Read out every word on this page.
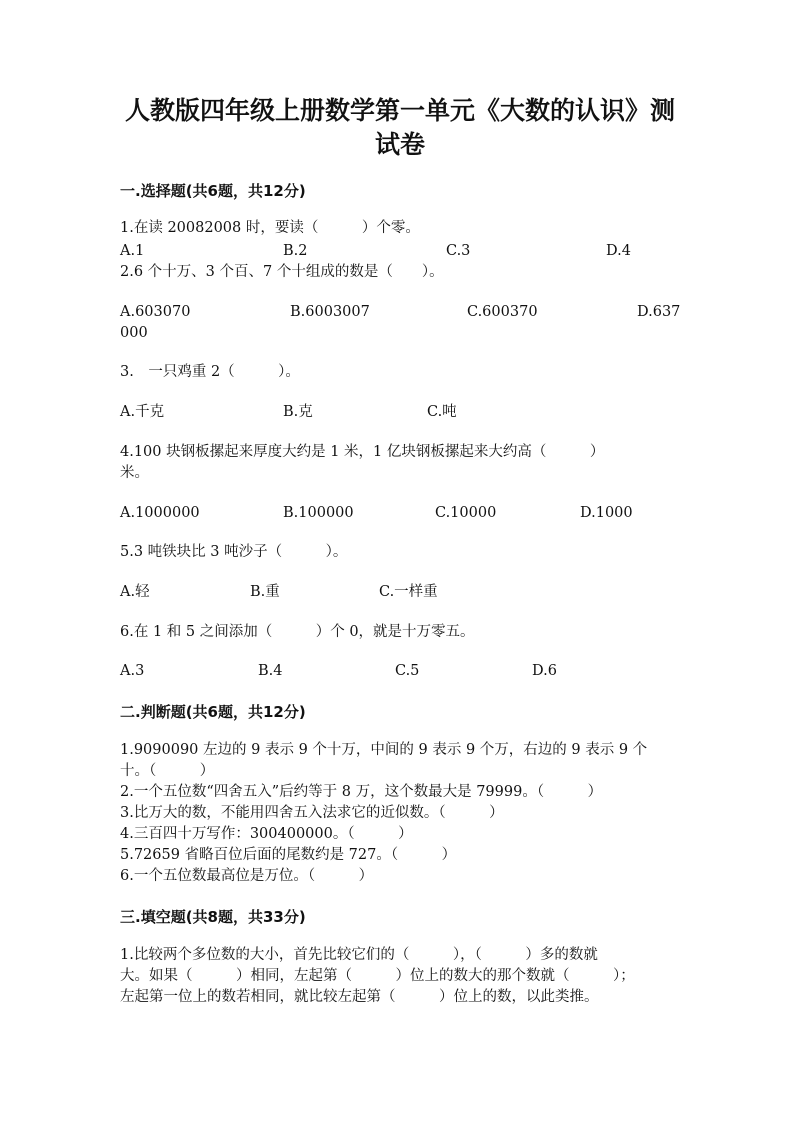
人教版四年级上册数学第一单元《大数的认识》测
试卷
一.选择题(共6题，共12分)
1.在读 20082008 时，要读（　　　）个零。
A.1	B.2	C.3	D.4
2.6 个十万、3 个百、7 个十组成的数是（　　）。
A.603070	B.6003007	C.600370	D.637
000
3.　一只鸡重 2（　　　）。
A.千克	B.克	C.吨
4.100 块钢板摞起来厚度大约是 1 米，1 亿块钢板摞起来大约高（　　　）
米。
A.1000000	B.100000	C.10000	D.1000
5.3 吨铁块比 3 吨沙子（　　　）。
A.轻	B.重	C.一样重
6.在 1 和 5 之间添加（　　　）个 0，就是十万零五。
A.3	B.4	C.5	D.6
二.判断题(共6题，共12分)
1.9090090 左边的 9 表示 9 个十万，中间的 9 表示 9 个万，右边的 9 表示 9 个
十。（　　　）
2.一个五位数“四舍五入”后约等于 8 万，这个数最大是 79999。（　　　）
3.比万大的数，不能用四舍五入法求它的近似数。（　　　）
4.三百四十万写作：300400000。（　　　）
5.72659 省略百位后面的尾数约是 727。（　　　）
6.一个五位数最高位是万位。（　　　）
三.填空题(共8题，共33分)
1.比较两个多位数的大小，首先比较它们的（　　　），（　　　）多的数就
大。如果（　　　）相同，左起第（　　　）位上的数大的那个数就（　　　）；
左起第一位上的数若相同，就比较左起第（　　　）位上的数，以此类推。
